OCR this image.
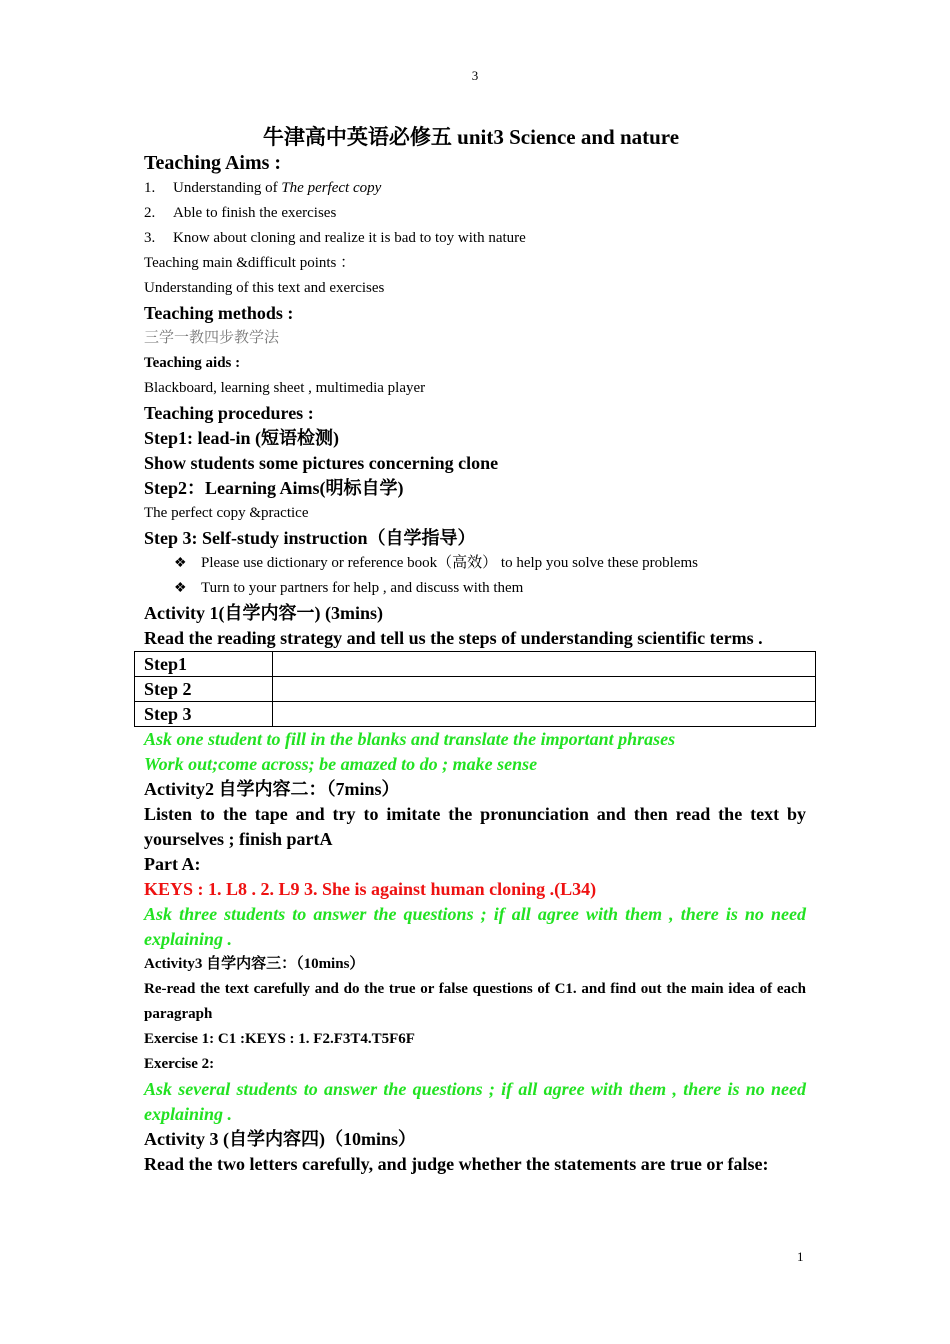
3
牛津高中英语必修五 unit3 Science and nature
Teaching Aims :
1.	Understanding of The perfect copy
2.	Able to finish the exercises
3.	Know about cloning and realize it is bad to toy with nature
Teaching main &difficult points ：
Understanding of this text and exercises
Teaching methods :
三学一教四步教学法
Teaching aids :
Blackboard, learning sheet , multimedia player
Teaching procedures :
Step1: lead-in (短语检测)
Show students some pictures concerning clone
Step2：Learning Aims(明标自学)
The perfect copy &practice
Step 3: Self-study instruction（自学指导）
❖ Please use dictionary or reference book（高效） to help you solve these problems
❖ Turn to your partners for help , and discuss with them
Activity 1(自学内容一) (3mins)
Read the reading strategy and tell us the steps of understanding scientific terms .
Step1	
Step 2	
Step 3	
Ask one student to fill in the blanks and translate the important phrases
Work out;come across; be amazed to do ; make sense
Activity2 自学内容二：（7mins）
Listen to the tape and try to imitate the pronunciation and then read the text by yourselves ; finish partA
Part A:
KEYS : 1. L8 . 2. L9 3. She is against human cloning .(L34)
Ask three students to answer the questions ; if all agree with them , there is no need explaining .
Activity3 自学内容三：（10mins）
Re-read the text carefully and do the true or false questions of C1. and find out the main idea of each paragraph
Exercise 1: C1 :KEYS : 1. F2.F3T4.T5F6F
Exercise 2:
Ask several students to answer the questions ; if all agree with them , there is no need explaining .
Activity 3 (自学内容四)（10mins）
Read the two letters carefully, and judge whether the statements are true or false:
1
